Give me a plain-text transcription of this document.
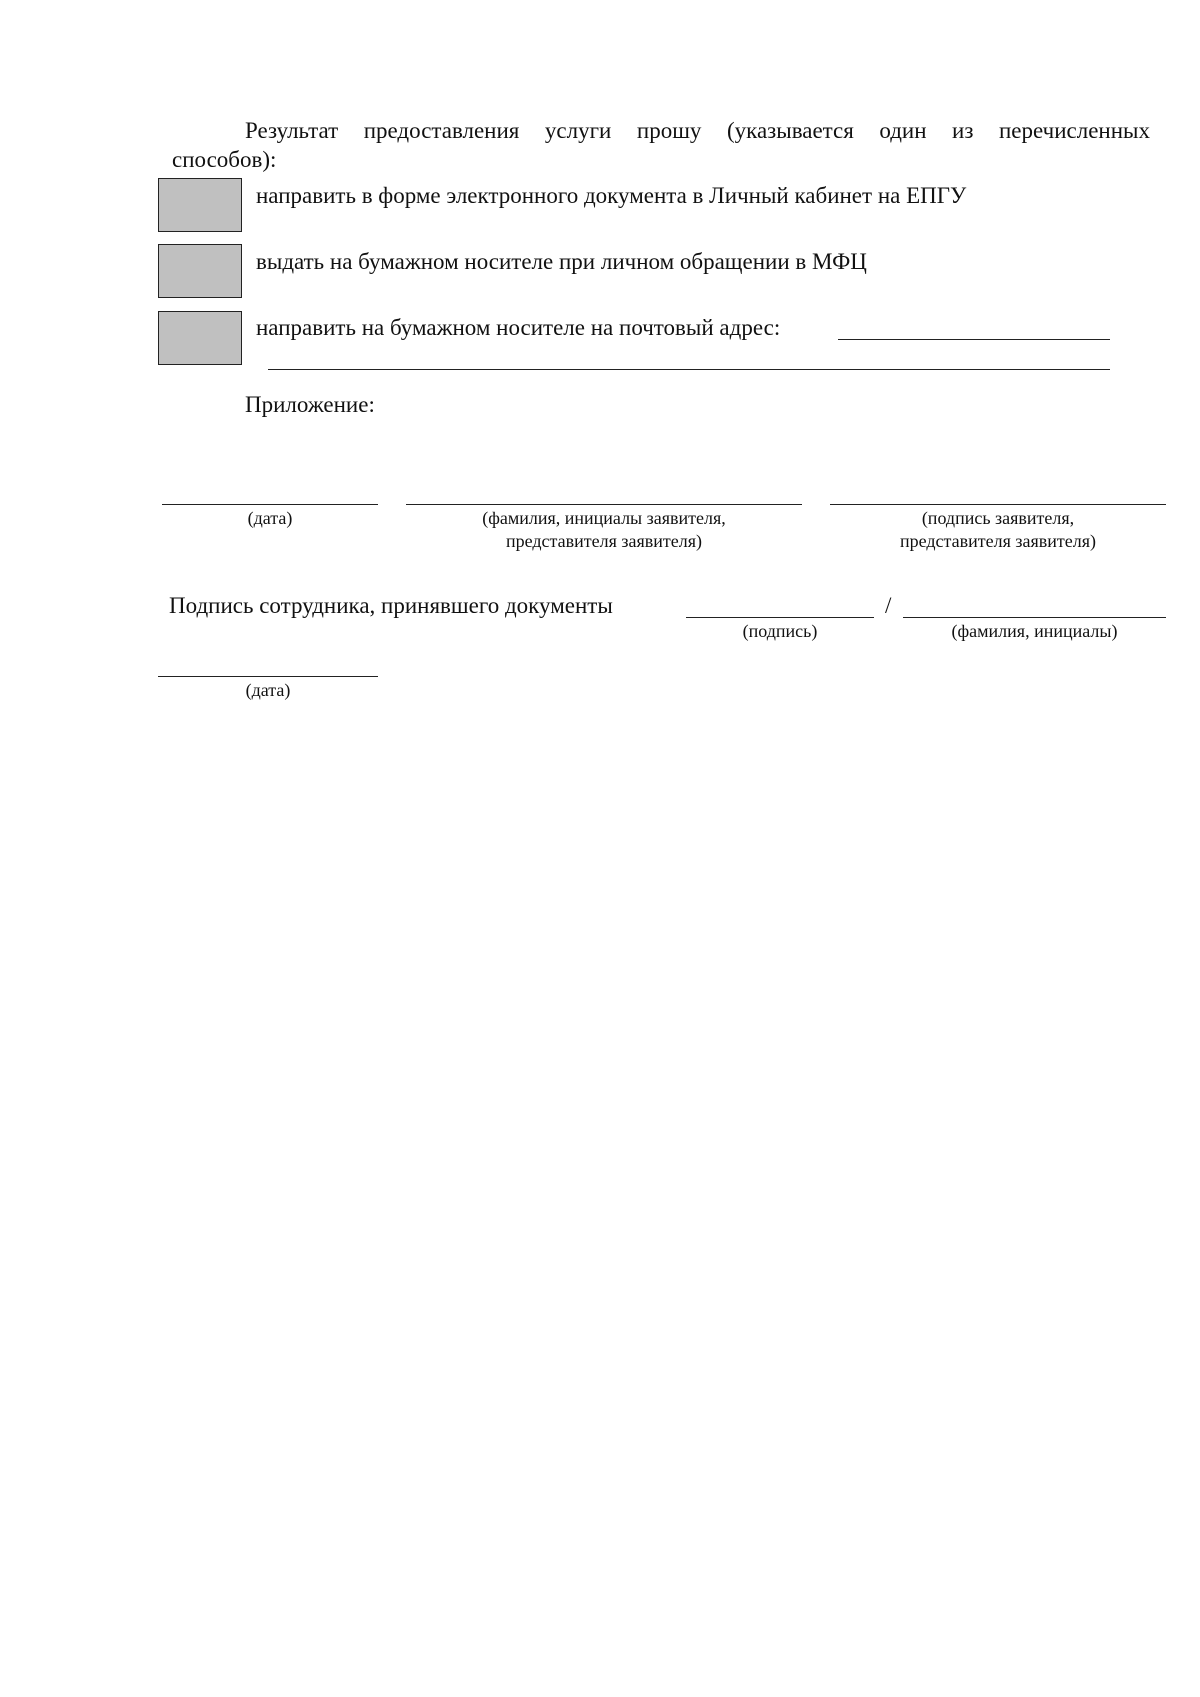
Результат предоставления услуги прошу (указывается один из перечисленных
способов):
направить в форме электронного документа в Личный кабинет на ЕПГУ
выдать на бумажном носителе при личном обращении в МФЦ
направить на бумажном носителе на почтовый адрес:
Приложение:
(дата)	(фамилия, инициалы заявителя,
представителя заявителя)
(подпись заявителя,
представителя заявителя)
Подпись сотрудника, принявшего документы	/
(подпись)	(фамилия, инициалы)
(дата)
